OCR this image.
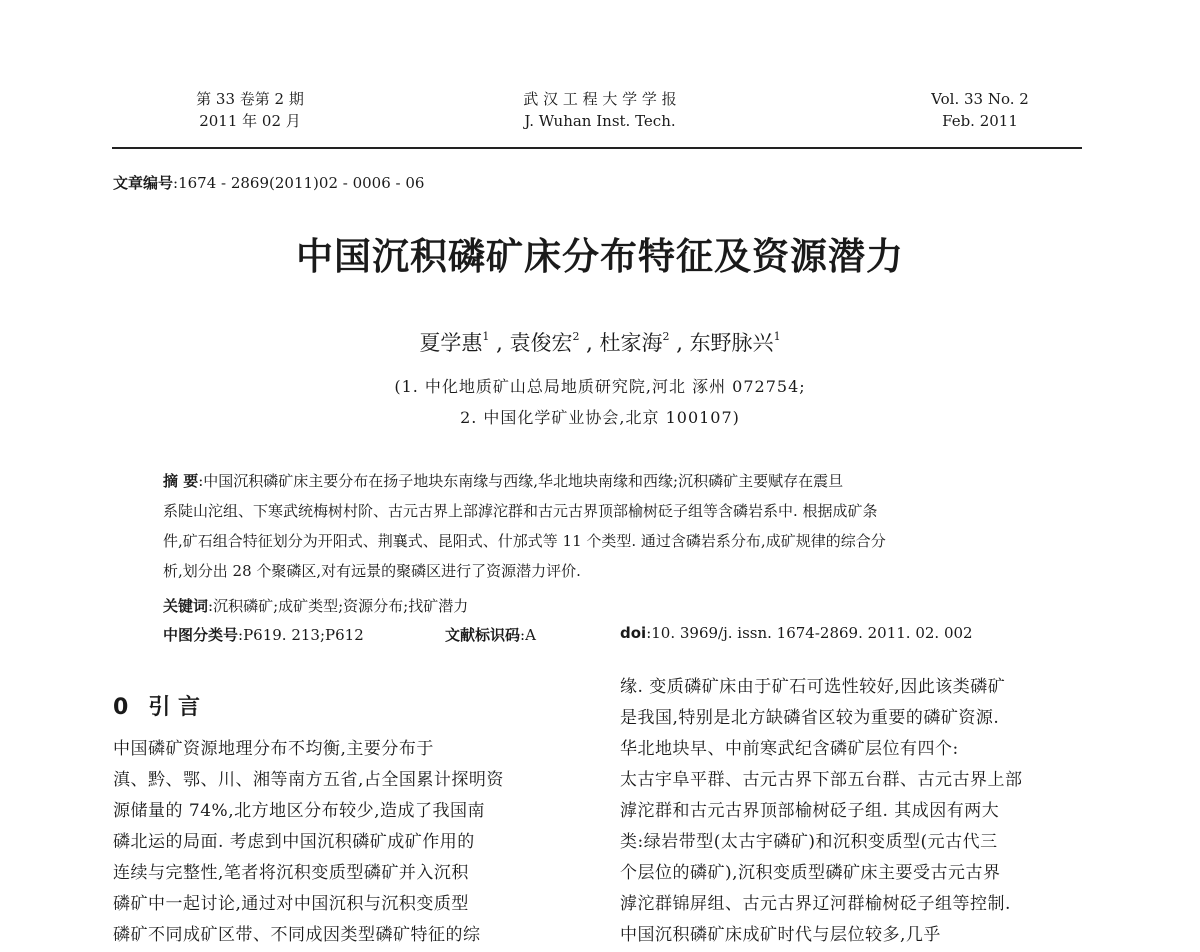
第 33 卷第 2 期
2011 年 02 月
武 汉 工 程 大 学 学 报
J. Wuhan Inst. Tech.
Vol. 33 No. 2
Feb. 2011
文章编号:1674 - 2869(2011)02 - 0006 - 06
中国沉积磷矿床分布特征及资源潜力
夏学惠$^1$ , 袁俊宏$^2$ , 杜家海$^2$ , 东野脉兴$^1$
(1. 中化地质矿山总局地质研究院,河北 涿州 072754;
2. 中国化学矿业协会,北京 100107)
摘 要:中国沉积磷矿床主要分布在扬子地块东南缘与西缘,华北地块南缘和西缘;沉积磷矿主要赋存在震旦
系陡山沱组、下寒武统梅树村阶、古元古界上部滹沱群和古元古界顶部榆树砭子组等含磷岩系中. 根据成矿条
件,矿石组合特征划分为开阳式、荆襄式、昆阳式、什邡式等 11 个类型. 通过含磷岩系分布,成矿规律的综合分
析,划分出 28 个聚磷区,对有远景的聚磷区进行了资源潜力评价.
关键词:沉积磷矿;成矿类型;资源分布;找矿潜力
中图分类号:P619. 213;P612	文献标识码:A	doi:10. 3969/j. issn. 1674-2869. 2011. 02. 002
0 引 言
中国磷矿资源地理分布不均衡,主要分布于
滇、黔、鄂、川、湘等南方五省,占全国累计探明资
源储量的 74%,北方地区分布较少,造成了我国南
磷北运的局面. 考虑到中国沉积磷矿成矿作用的
连续与完整性,笔者将沉积变质型磷矿并入沉积
磷矿中一起讨论,通过对中国沉积与沉积变质型
磷矿不同成矿区带、不同成因类型磷矿特征的综
缘. 变质磷矿床由于矿石可选性较好,因此该类磷矿
是我国,特别是北方缺磷省区较为重要的磷矿资源.
华北地块早、中前寒武纪含磷矿层位有四个:
太古宇阜平群、古元古界下部五台群、古元古界上部
滹沱群和古元古界顶部榆树砭子组. 其成因有两大
类:绿岩带型(太古宇磷矿)和沉积变质型(元古代三
个层位的磷矿),沉积变质型磷矿床主要受古元古界
滹沱群锦屏组、古元古界辽河群榆树砭子组等控制.
中国沉积磷矿床成矿时代与层位较多,几乎
